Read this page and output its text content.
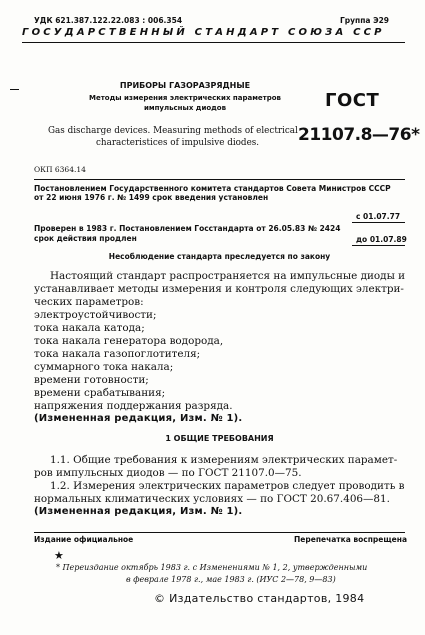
УДК 621.387.122.22.083 : 006.354	Группа Э29
ГОСУДАРСТВЕННЫЙ СТАНДАРТ СОЮЗА ССР
ПРИБОРЫ ГАЗОРАЗРЯДНЫЕ
Методы измерения электрических параметров
импульсных диодов	ГОСТ
21107.8—76*
Gas discharge devices. Measuring methods of electrical
characteristices of impulsive diodes.
ОКП 6364.14
Постановлением Государственного комитета стандартов Совета Министров СССР
от 22 июня 1976 г. № 1499 срок введения установлен
с 01.07.77
Проверен в 1983 г. Постановлением Госстандарта от 26.05.83 № 2424
срок действия продлен	до 01.07.89
Несоблюдение стандарта преследуется по закону
Настоящий стандарт распространяется на импульсные диоды и
устанавливает методы измерения и контроля следующих электри-
ческих параметров:
электроустойчивости;
тока накала катода;
тока накала генератора водорода,
тока накала газопоглотителя;
суммарного тока накала;
времени готовности;
времени срабатывания;
напряжения поддержания разряда.
(Измененная редакция, Изм. № 1).
1 ОБЩИЕ ТРЕБОВАНИЯ
1.1. Общие требования к измерениям электрических парамет-
ров импульсных диодов — по ГОСТ 21107.0—75.
1.2. Измерения электрических параметров следует проводить в
нормальных климатических условиях — по ГОСТ 20.67.406—81.
(Измененная редакция, Изм. № 1).
Издание официальное	Перепечатка воспрещена
★
* Переиздание октябрь 1983 г. с Изменениями № 1, 2, утвержденными
в феврале 1978 г., мае 1983 г. (ИУС 2—78, 9—83)
© Издательство стандартов, 1984
